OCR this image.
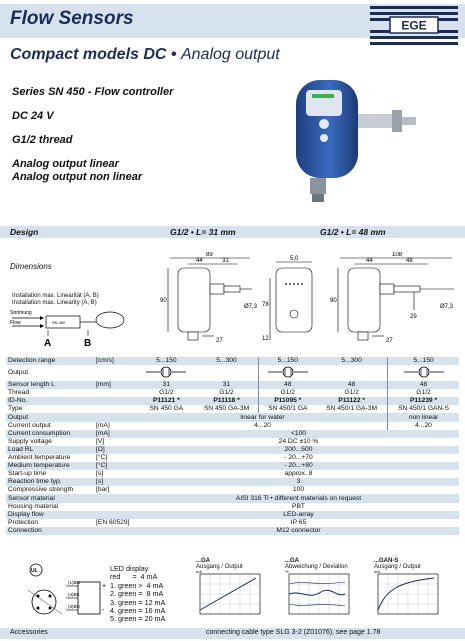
Flow Sensors	EGE
Compact models DC • Analog output
Series SN 450 - Flow controller
DC 24 V
G1/2 thread
Analog output linear
Analog output non linear
Design	G1/2 • L= 31 mm	G1/2 • L= 48 mm
Dimensions
Installation max. Linearität (A, B)
Installation max. Linearity (A, B)
Strömung
Flow	SN 450
A	B
89
44	31
90
27
Ø7,3
5,0
78
12
108
44	48
90
27
29
Ø7,3
Detection range	[cm/s]	5...150	5...300	5...150	5...300	5...150
Output						
Sensor length L	[mm]	31	31	48	48	48
Thread		G1/2	G1/2	G1/2	G1/2	G1/2
ID-No.		P11121 *	P11118 *	P11095 *	P11122 *	P11239 *
Type		SN 450 GA	SN 450 GA-3M	SN 450/1 GA	SN 450/1 GA-3M	SN 450/1 GAN-S
Output		linear for water				non linear
Current output	[mA]	4...20				4...20
Current consumption	[mA]	<100				
Supply voltage	[V]	24 DC ±10 %				
Load RL	[Ω]	200...500				
Ambient temperature	[°C]	- 20...+70				
Medium temperature	[°C]	- 20...+80				
Start-up time	[s]	approx. 8				
Reaction time typ.	[s]	3				
Compressive strength	[bar]	100				
Sensor material		AISI 316 Ti • different materials on request				
Housing material		PBT				
Display flow		LED-array				
Protection	[EN 60529]	IP 65				
Connection		M12 connector				
UL
+
-
(1)BN
(4)BK
(3)BU
LED display
red      =  4 mA
1. green >  4 mA
2. green =  8 mA
3. green = 12 mA
4. green = 16 mA
5. green = 20 mA
...GA
Ausgang / Output
mA
...GA
Abweichung / Deviation
%
...GAN-S
Ausgang / Output
mA
Accessories	connecting cable type SLG 3-2 (Z01076), see page 1.78
